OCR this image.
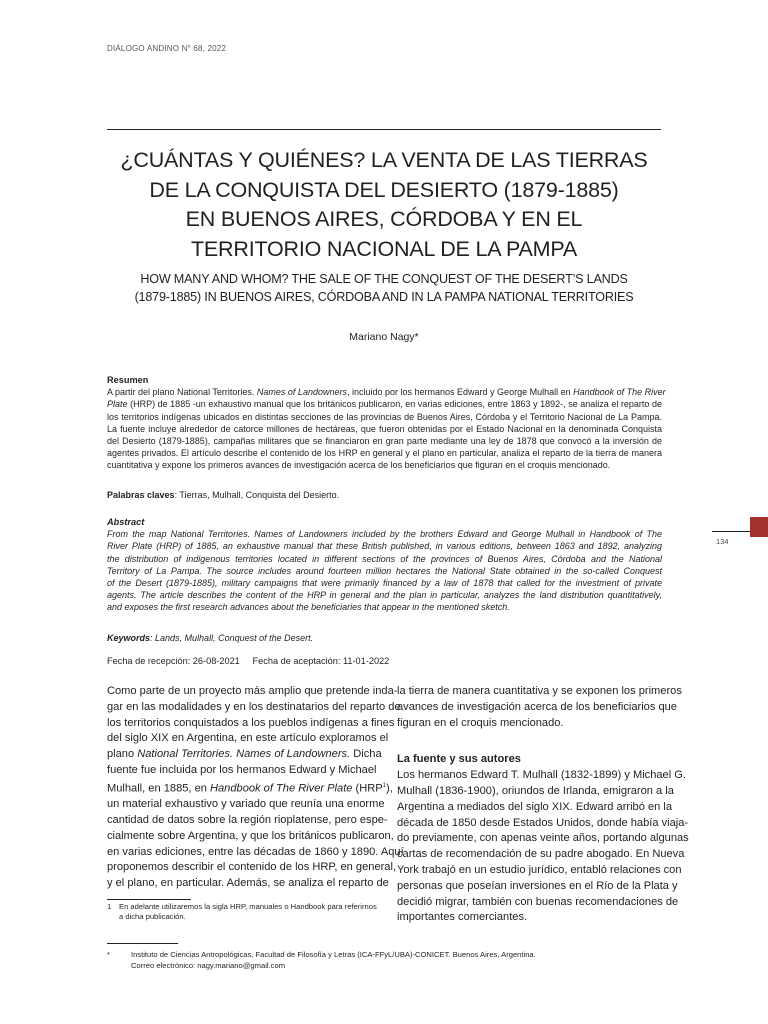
DIÁLOGO ANDINO N° 68, 2022
¿CUÁNTAS Y QUIÉNES? LA VENTA DE LAS TIERRAS
DE LA CONQUISTA DEL DESIERTO (1879-1885)
EN BUENOS AIRES, CÓRDOBA Y EN EL
TERRITORIO NACIONAL DE LA PAMPA
HOW MANY AND WHOM? THE SALE OF THE CONQUEST OF THE DESERT’S LANDS
(1879-1885) IN BUENOS AIRES, CÓRDOBA AND IN LA PAMPA NATIONAL TERRITORIES
Mariano Nagy*
Resumen
A partir del plano National Territories. Names of Landowners, incluido por los hermanos Edward y George Mulhall en Handbook of The River
Plate (HRP) de 1885 -un exhaustivo manual que los británicos publicaron, en varias ediciones, entre 1863 y 1892-, se analiza el reparto de
los territorios indígenas ubicados en distintas secciones de las provincias de Buenos Aires, Córdoba y el Territorio Nacional de La Pampa.
La fuente incluye alrededor de catorce millones de hectáreas, que fueron obtenidas por el Estado Nacional en la denominada Conquista
del Desierto (1879-1885), campañas militares que se financiaron en gran parte mediante una ley de 1878 que convocó a la inversión de
agentes privados. El artículo describe el contenido de los HRP en general y el plano en particular, analiza el reparto de la tierra de manera
cuantitativa y expone los primeros avances de investigación acerca de los beneficiarios que figuran en el croquis mencionado.
Palabras claves: Tierras, Mulhall, Conquista del Desierto.
Abstract
From the map National Territories. Names of Landowners included by the brothers Edward and George Mulhall in Handbook of The
River Plate (HRP) of 1885, an exhaustive manual that these British published, in various editions, between 1863 and 1892, analyzing
the distribution of indigenous territories located in different sections of the provinces of Buenos Aires, Córdoba and the National
Territory of La Pampa. The source includes around fourteen million hectares the National State obtained in the so-called Conquest
of the Desert (1879-1885), military campaigns that were primarily financed by a law of 1878 that called for the investment of private
agents. The article describes the content of the HRP in general and the plan in particular, analyzes the land distribution quantitatively,
and exposes the first research advances about the beneficiaries that appear in the mentioned sketch.
Keywords: Lands, Mulhall, Conquest of the Desert.
Fecha de recepción: 26-08-2021     Fecha de aceptación: 11-01-2022
134
Como parte de un proyecto más amplio que pretende inda-
gar en las modalidades y en los destinatarios del reparto de
los territorios conquistados a los pueblos indígenas a fines
del siglo XIX en Argentina, en este artículo exploramos el
plano National Territories. Names of Landowners. Dicha
fuente fue incluida por los hermanos Edward y Michael
Mulhall, en 1885, en Handbook of The River Plate (HRP$^1$),
un material exhaustivo y variado que reunía una enorme
cantidad de datos sobre la región rioplatense, pero espe-
cialmente sobre Argentina, y que los británicos publicaron,
en varias ediciones, entre las décadas de 1860 y 1890. Aquí
proponemos describir el contenido de los HRP, en general,
y el plano, en particular. Además, se analiza el reparto de
la tierra de manera cuantitativa y se exponen los primeros
avances de investigación acerca de los beneficiarios que
figuran en el croquis mencionado.
La fuente y sus autores
Los hermanos Edward T. Mulhall (1832-1899) y Michael G.
Mulhall (1836-1900), oriundos de Irlanda, emigraron a la
Argentina a mediados del siglo XIX. Edward arribó en la
década de 1850 desde Estados Unidos, donde había viaja-
do previamente, con apenas veinte años, portando algunas
cartas de recomendación de su padre abogado. En Nueva
York trabajó en un estudio jurídico, entabló relaciones con
personas que poseían inversiones en el Río de la Plata y
decidió migrar, también con buenas recomendaciones de
importantes comerciantes.
1 En adelante utilizaremos la sigla HRP, manuales o Handbook para referirnos
a dicha publicación.
*	Instituto de Ciencias Antropológicas, Facultad de Filosofía y Letras (ICA-FFyL/UBA)-CONICET. Buenos Aires, Argentina.
Correo electrónico: nagy.mariano@gmail.com
